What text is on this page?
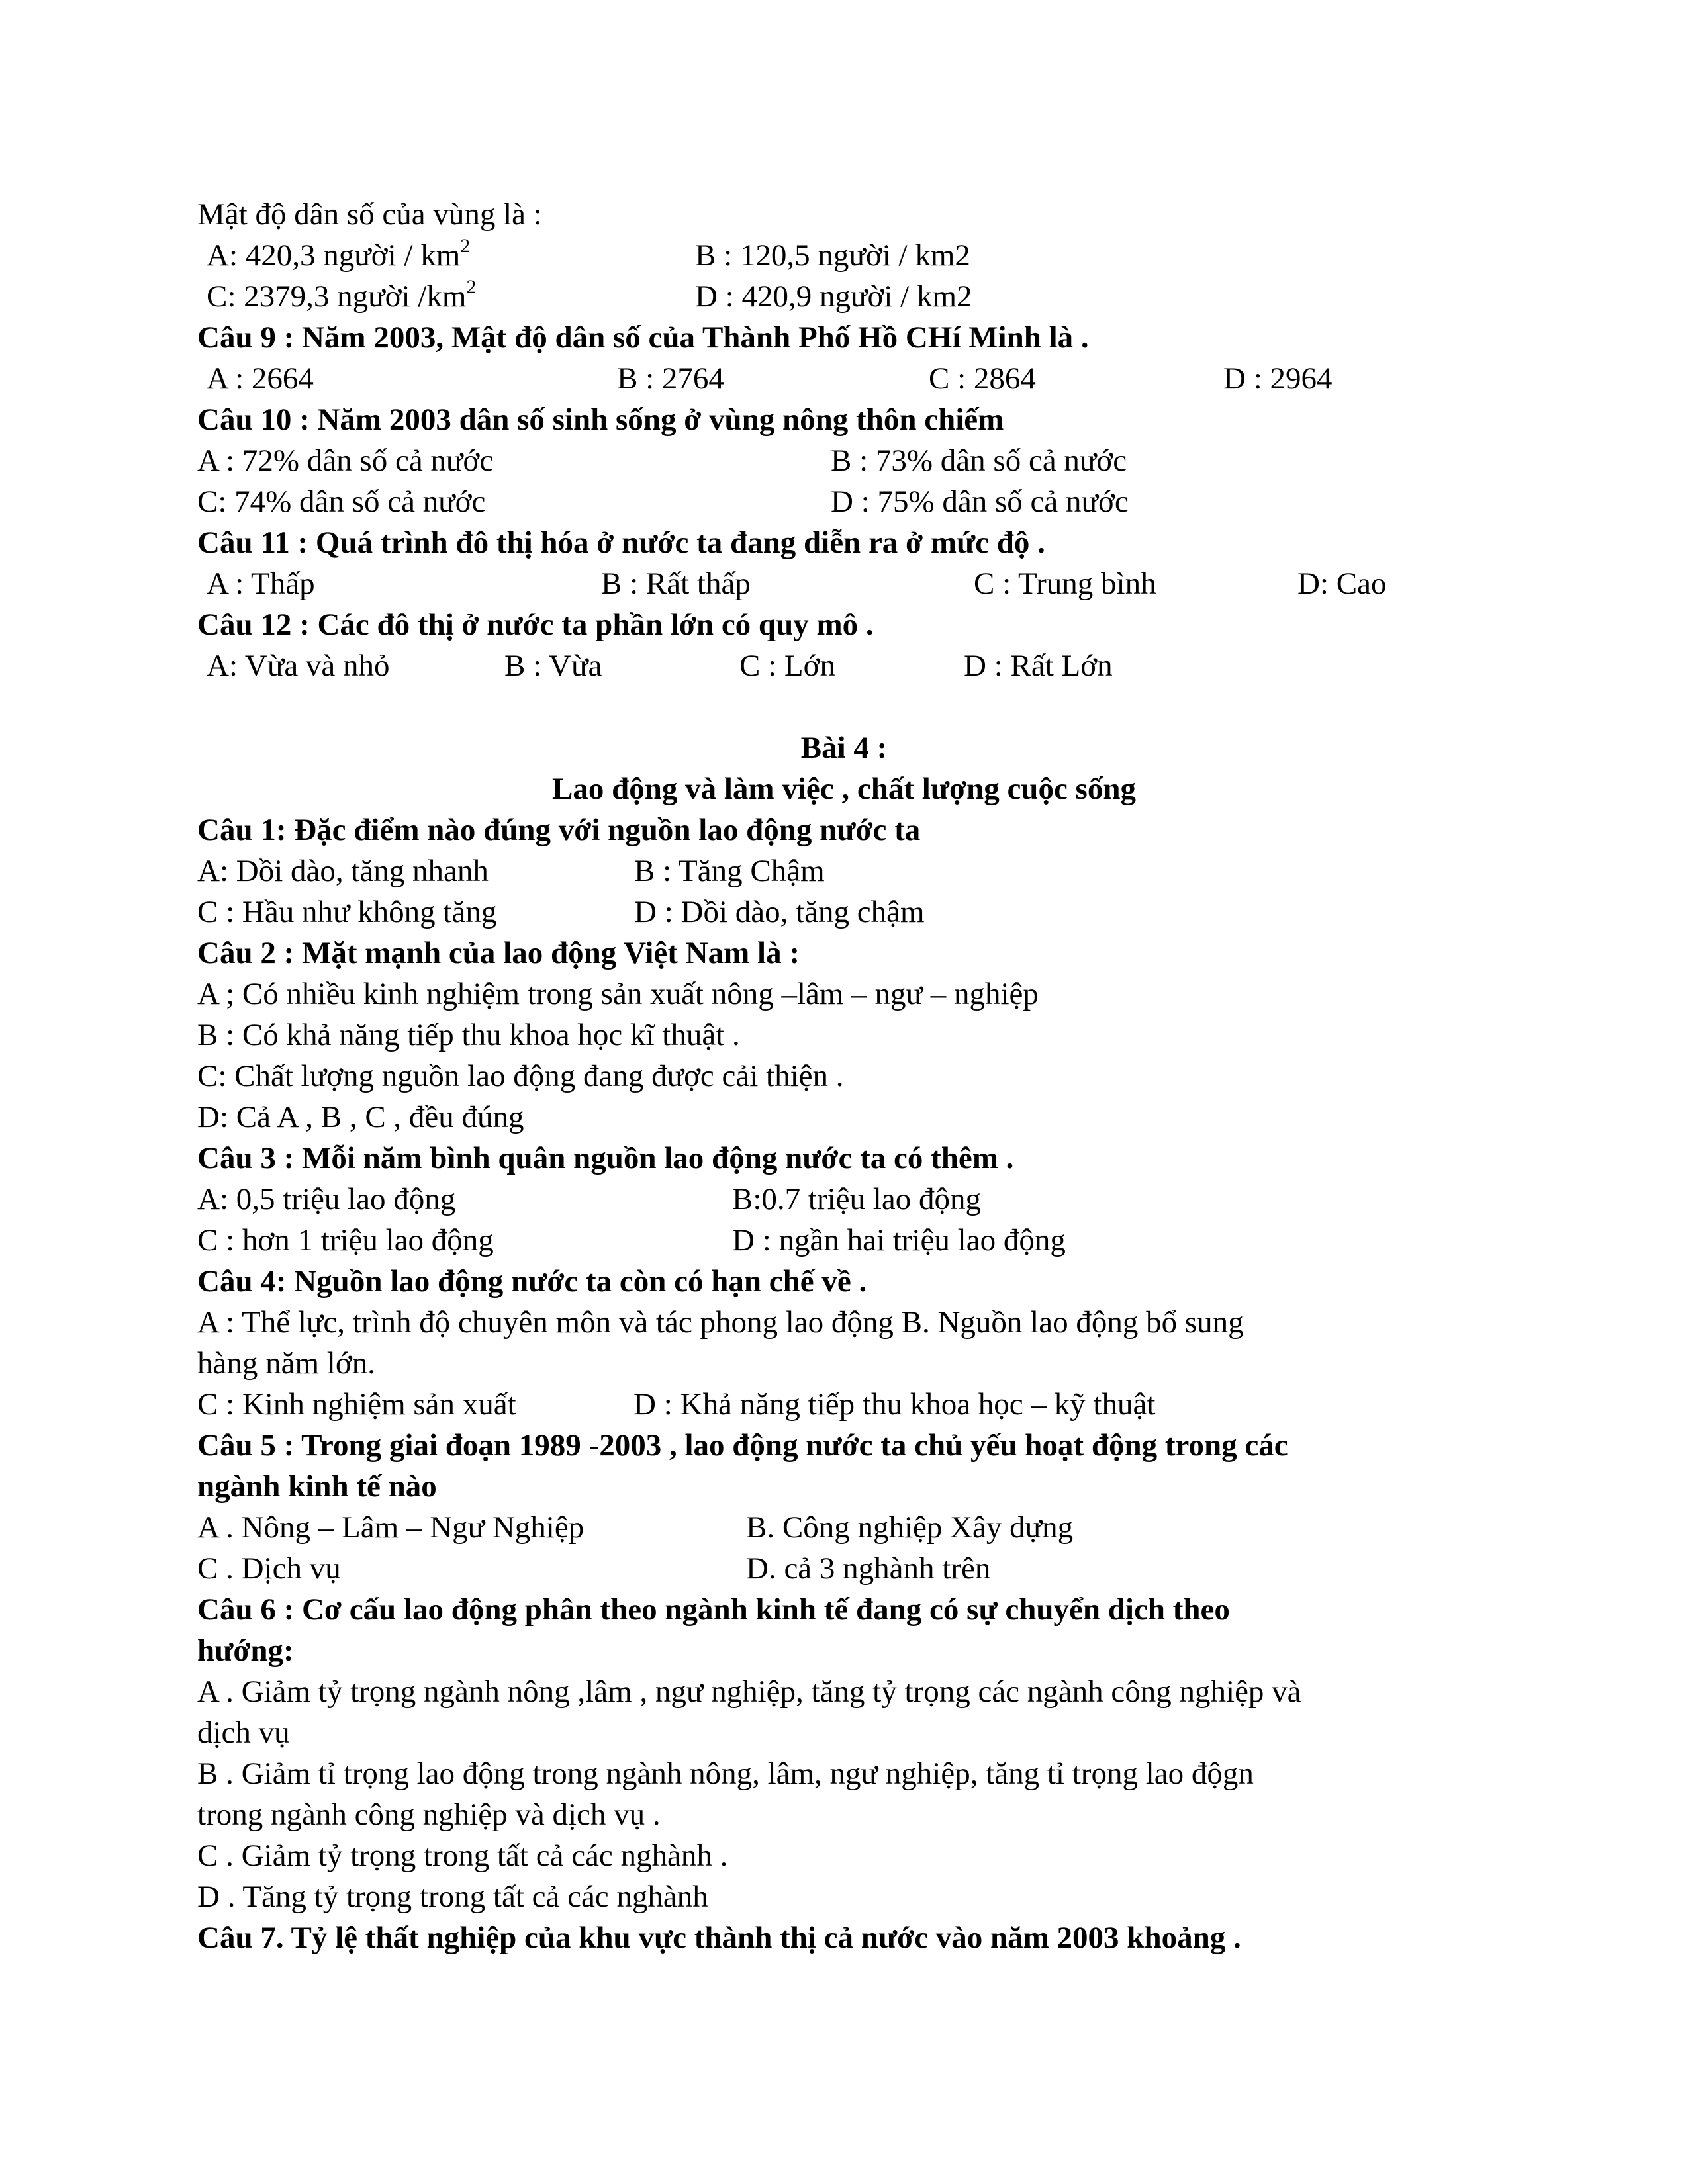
Mật độ dân số của vùng là :
A: 420,3 người / $km^2$	B : 120,5 người / km2
C: 2379,3 người $/km^2$	D : 420,9 người / km2
Câu 9 : Năm 2003, Mật độ dân số của Thành Phố Hồ CHí Minh là .
A : 2664	B : 2764	C : 2864	D : 2964
Câu 10 : Năm 2003 dân số sinh sống ở vùng nông thôn chiếm
A : 72% dân số cả nước	B : 73% dân số cả nước
C: 74% dân số cả nước	D : 75% dân số cả nước
Câu 11 : Quá trình đô thị hóa ở nước ta đang diễn ra ở mức độ .
A : Thấp	B : Rất thấp	C : Trung bình	D: Cao
Câu 12 : Các đô thị ở nước ta phần lớn có quy mô .
A: Vừa và nhỏ	B : Vừa	C : Lớn	D : Rất Lớn
Bài 4 :
Lao động và làm việc , chất lượng cuộc sống
Câu 1: Đặc điểm nào đúng với nguồn lao động nước ta
A: Dồi dào, tăng nhanh	B : Tăng Chậm
C : Hầu như không tăng	D : Dồi dào, tăng chậm
Câu 2 : Mặt mạnh của lao động Việt Nam là :
A ; Có nhiều kinh nghiệm trong sản xuất nông –lâm – ngư – nghiệp
B : Có khả năng tiếp thu khoa học kĩ thuật .
C: Chất lượng nguồn lao động đang được cải thiện .
D: Cả A , B , C , đều đúng
Câu 3 : Mỗi năm bình quân nguồn lao động nước ta có thêm .
A: 0,5 triệu lao động	B:0.7 triệu lao động
C : hơn 1 triệu lao động	D : ngần hai triệu lao động
Câu 4: Nguồn lao động nước ta còn có hạn chế về .
A : Thể lực, trình độ chuyên môn và tác phong lao động B. Nguồn lao động bổ sung
hàng năm lớn.
C : Kinh nghiệm sản xuất	D : Khả năng tiếp thu khoa học – kỹ thuật
Câu 5 : Trong giai đoạn 1989 -2003 , lao động nước ta chủ yếu hoạt động trong các
ngành kinh tế nào
A . Nông – Lâm – Ngư Nghiệp	B. Công nghiệp Xây dựng
C . Dịch vụ	D. cả 3 nghành trên
Câu 6 : Cơ cấu lao động phân theo ngành kinh tế đang có sự chuyển dịch theo
hướng:
A . Giảm tỷ trọng ngành nông ,lâm , ngư nghiệp, tăng tỷ trọng các ngành công nghiệp và
dịch vụ
B . Giảm tỉ trọng lao động trong ngành nông, lâm, ngư nghiệp, tăng tỉ trọng lao độgn
trong ngành công nghiệp và dịch vụ .
C . Giảm tỷ trọng trong tất cả các nghành .
D . Tăng tỷ trọng trong tất cả các nghành
Câu 7. Tỷ lệ thất nghiệp của khu vực thành thị cả nước vào năm 2003 khoảng .
